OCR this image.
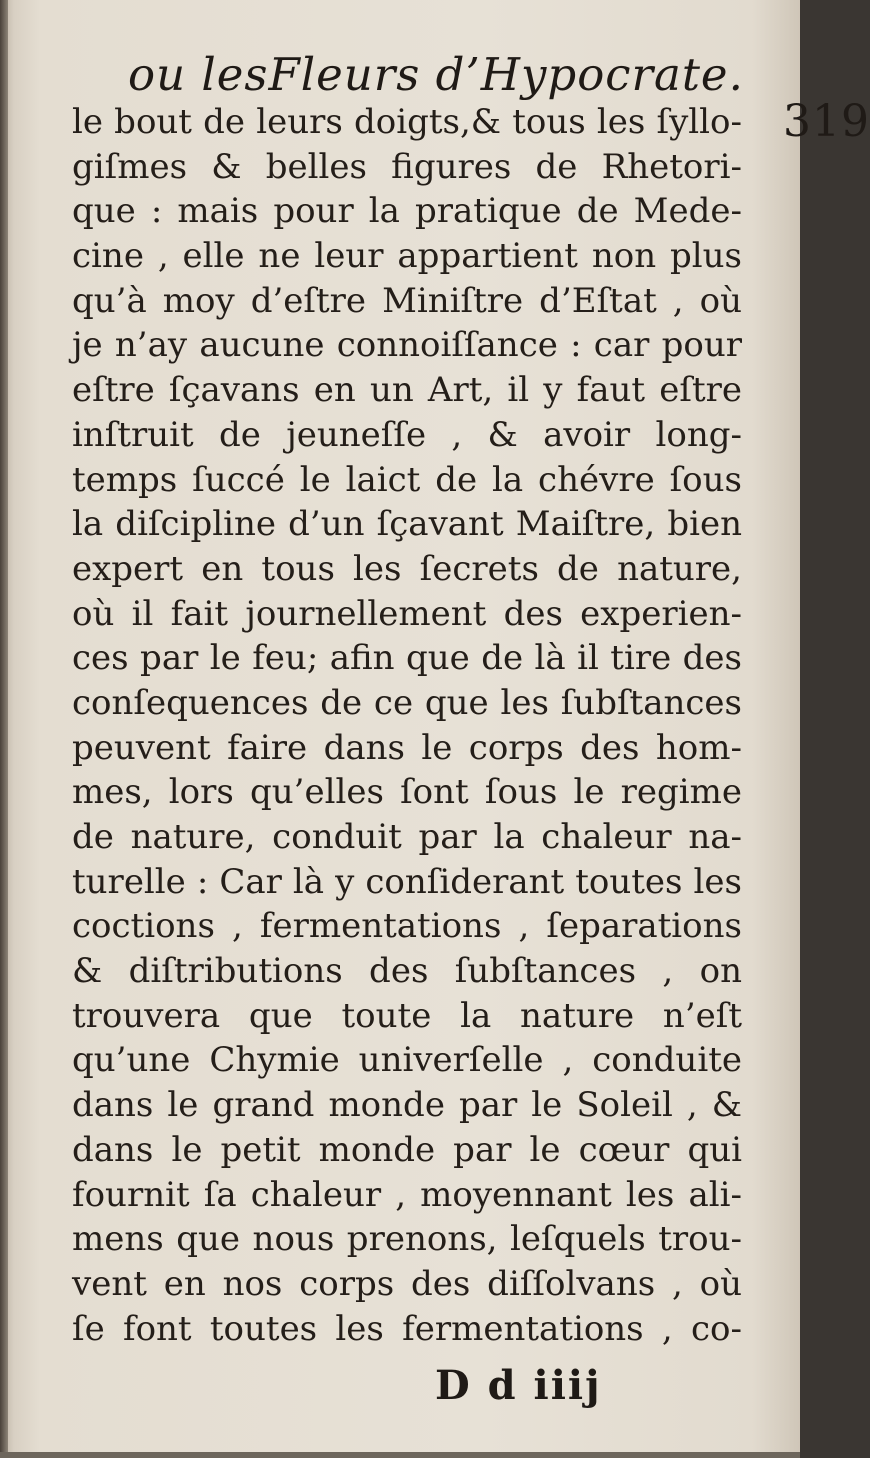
ou lesFleurs d’Hypocrate.
319
le bout de leurs doigts,& tous les ſyllo-
giſmes & belles figures de Rhetori-
que : mais pour la pratique de Mede-
cine , elle ne leur appartient non plus
qu’à moy d’eſtre Miniſtre d’Eſtat , où
je n’ay aucune connoiſſance : car pour
eſtre ſçavans en un Art, il y faut eſtre
inſtruit de jeuneſſe , & avoir long-
temps ſuccé le laict de la chévre ſous
la diſcipline d’un ſçavant Maiſtre, bien
expert en tous les ſecrets de nature,
où il fait journellement des experien-
ces par le feu; afin que de là il tire des
conſequences de ce que les ſubſtances
peuvent faire dans le corps des hom-
mes, lors qu’elles ſont ſous le regime
de nature, conduit par la chaleur na-
turelle : Car là y conſiderant toutes les
coctions , fermentations , ſeparations
& diſtributions des ſubſtances , on
trouvera que toute la nature n’eſt
qu’une Chymie univerſelle , conduite
dans le grand monde par le Soleil , &
dans le petit monde par le cœur qui
fournit ſa chaleur , moyennant les ali-
mens que nous prenons, leſquels trou-
vent en nos corps des diſſolvans , où
ſe font toutes les fermentations , co-
D d iiij
